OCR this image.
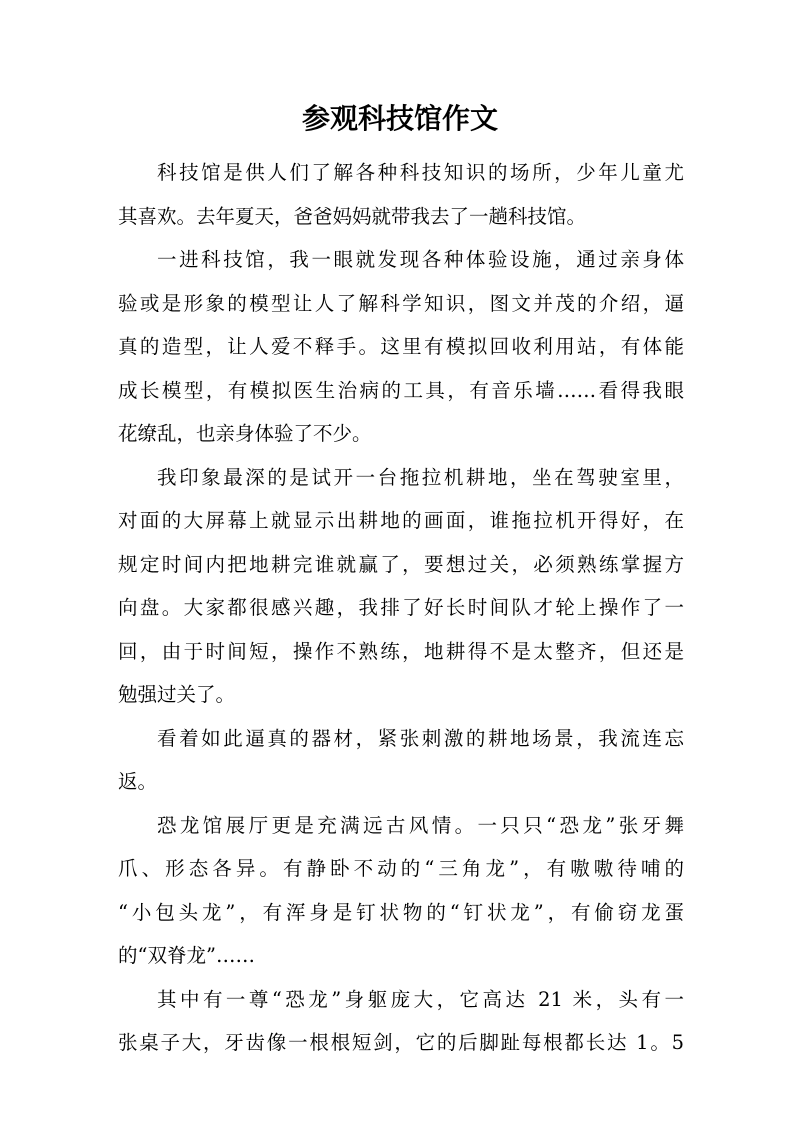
参观科技馆作文

科技馆是供人们了解各种科技知识的场所，少年儿童尤
其喜欢。去年夏天，爸爸妈妈就带我去了一趟科技馆。

一进科技馆，我一眼就发现各种体验设施，通过亲身体
验或是形象的模型让人了解科学知识，图文并茂的介绍，逼
真的造型，让人爱不释手。这里有模拟回收利用站，有体能
成长模型，有模拟医生治病的工具，有音乐墙……看得我眼
花缭乱，也亲身体验了不少。

我印象最深的是试开一台拖拉机耕地，坐在驾驶室里，
对面的大屏幕上就显示出耕地的画面，谁拖拉机开得好，在
规定时间内把地耕完谁就赢了，要想过关，必须熟练掌握方
向盘。大家都很感兴趣，我排了好长时间队才轮上操作了一
回，由于时间短，操作不熟练，地耕得不是太整齐，但还是
勉强过关了。

看着如此逼真的器材，紧张刺激的耕地场景，我流连忘
返。

恐龙馆展厅更是充满远古风情。一只只“恐龙”张牙舞
爪、形态各异。有静卧不动的“三角龙”，有嗷嗷待哺的
“小包头龙”，有浑身是钉状物的“钉状龙”，有偷窃龙蛋
的“双脊龙”……

其中有一尊“恐龙”身躯庞大，它高达 21 米，头有一
张桌子大，牙齿像一根根短剑，它的后脚趾每根都长达 1。5
